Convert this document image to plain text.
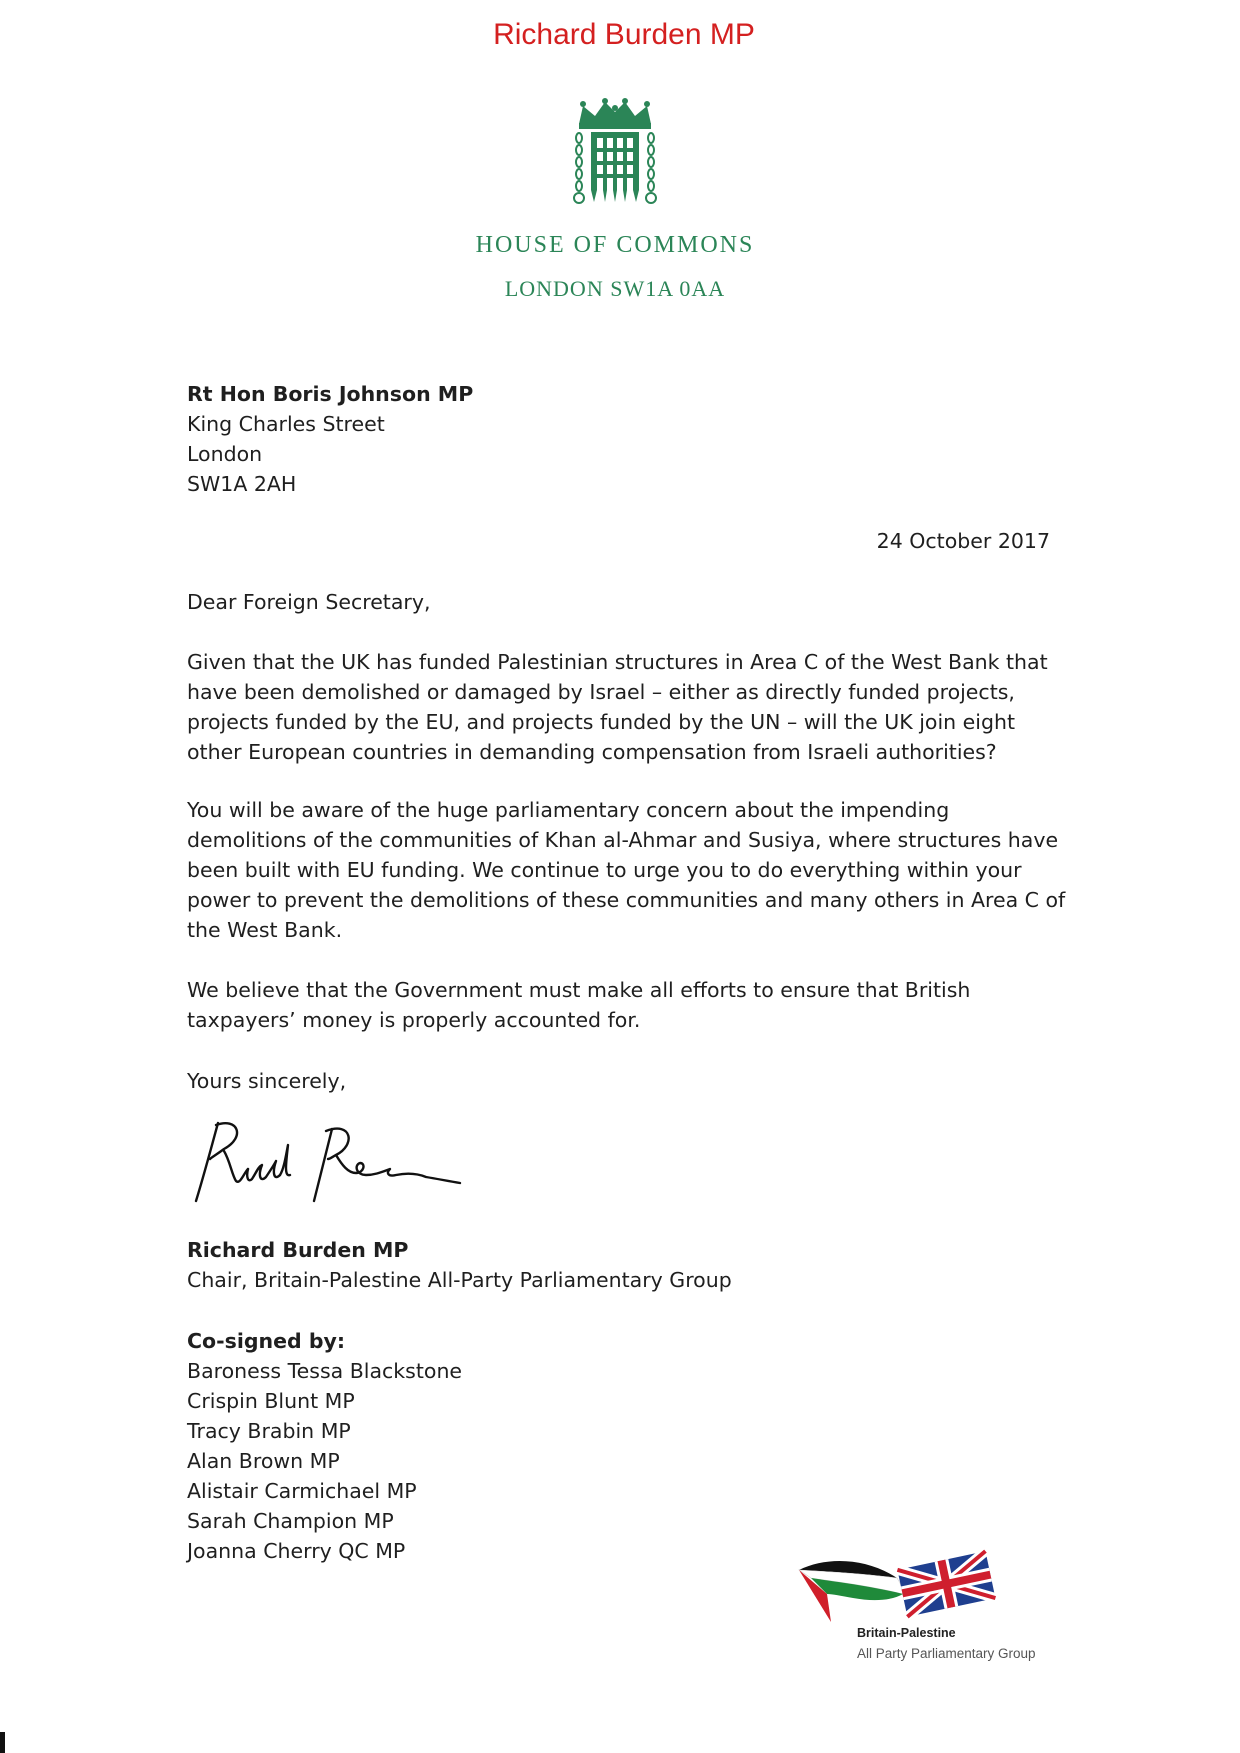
Richard Burden MP
HOUSE OF COMMONS
LONDON SW1A 0AA
Rt Hon Boris Johnson MP
King Charles Street
London
SW1A 2AH
24 October 2017
Dear Foreign Secretary,

Given that the UK has funded Palestinian structures in Area C of the West Bank that have been demolished or damaged by Israel – either as directly funded projects, projects funded by the EU, and projects funded by the UN – will the UK join eight other European countries in demanding compensation from Israeli authorities?

You will be aware of the huge parliamentary concern about the impending demolitions of the communities of Khan al-Ahmar and Susiya, where structures have been built with EU funding. We continue to urge you to do everything within your power to prevent the demolitions of these communities and many others in Area C of the West Bank.

We believe that the Government must make all efforts to ensure that British taxpayers’ money is properly accounted for.

Yours sincerely,
Richard Burden MP
Chair, Britain-Palestine All-Party Parliamentary Group
Co-signed by:
Baroness Tessa Blackstone
Crispin Blunt MP
Tracy Brabin MP
Alan Brown MP
Alistair Carmichael MP
Sarah Champion MP
Joanna Cherry QC MP
Britain-Palestine
All Party Parliamentary Group
